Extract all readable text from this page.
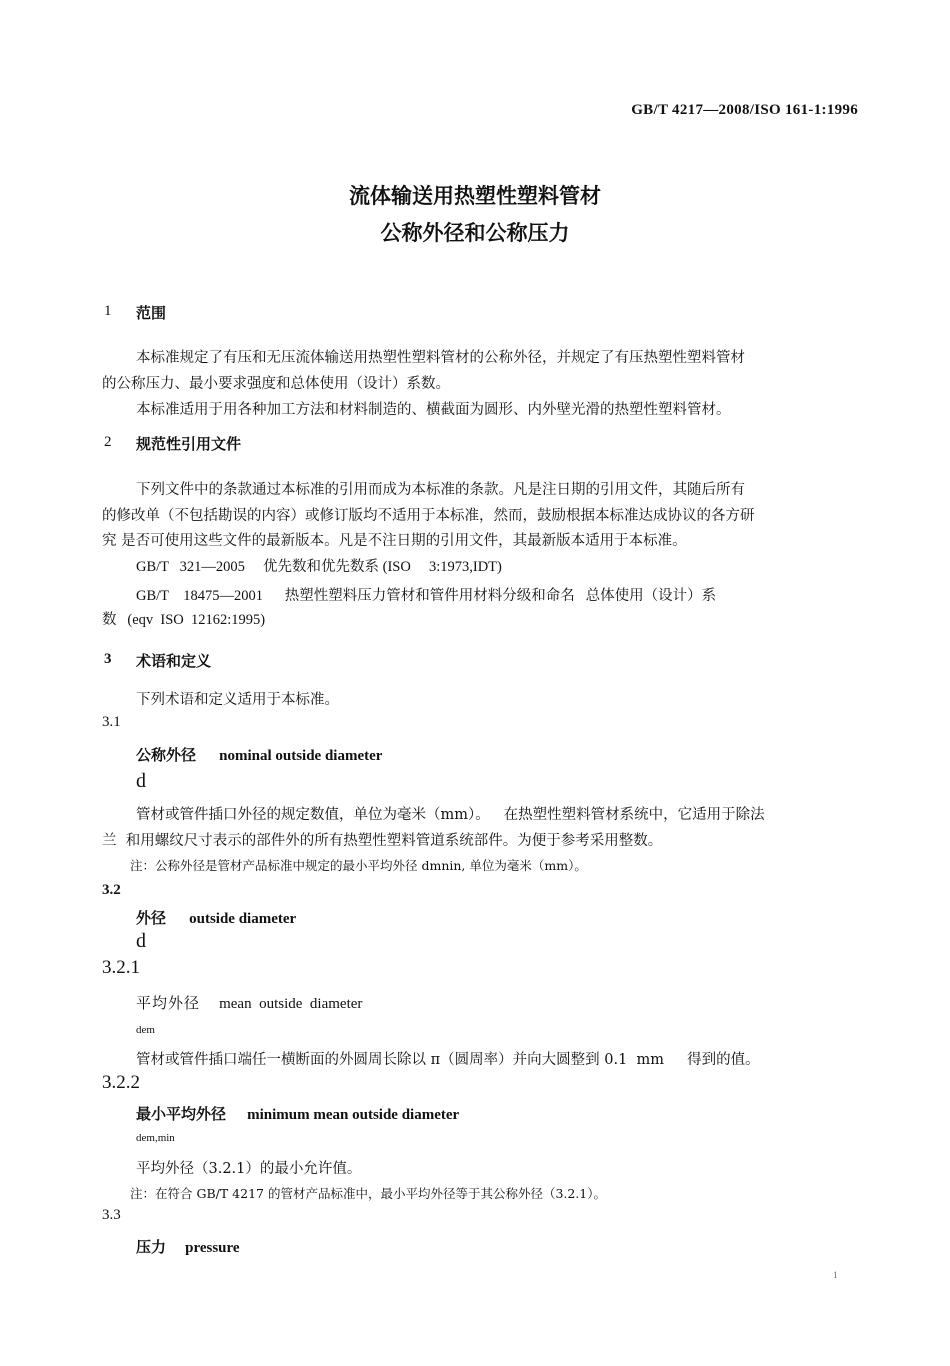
GB/T 4217—2008/ISO 161-1:1996
流体输送用热塑性塑料管材
公称外径和公称压力
1 范围
本标准规定了有压和无压流体输送用热塑性塑料管材的公称外径，并规定了有压热塑性塑料管材
的公称压力、最小要求强度和总体使用（设计）系数。
本标准适用于用各种加工方法和材料制造的、横截面为圆形、内外壁光滑的热塑性塑料管材。
2 规范性引用文件
下列文件中的条款通过本标准的引用而成为本标准的条款。凡是注日期的引用文件，其随后所有
的修改单（不包括勘误的内容）或修订版均不适用于本标准，然而，鼓励根据本标准达成协议的各方研
究 是否可使用这些文件的最新版本。凡是不注日期的引用文件，其最新版本适用于本标准。
GB/T   321—2005     优先数和优先数系 (ISO     3:1973,IDT)
GB/T    18475—2001      热塑性塑料压力管材和管件用材料分级和命名   总体使用（设计）系
数   (eqv  ISO  12162:1995)
3 术语和定义
下列术语和定义适用于本标准。
3.1
公称外径 nominal outside diameter
d
管材或管件插口外径的规定数值，单位为毫米（mm）。   在热塑性塑料管材系统中，它适用于除法
兰  和用螺纹尺寸表示的部件外的所有热塑性塑料管道系统部件。为便于参考采用整数。
注：公称外径是管材产品标准中规定的最小平均外径 dmnin, 单位为毫米（mm）。
3.2
外径 outside diameter
d
3.2.1
平均外径 mean  outside  diameter
dem
管材或管件插口端任一横断面的外圆周长除以 π（圆周率）并向大圆整到 0.1  mm     得到的值。
3.2.2
最小平均外径 minimum mean outside diameter
dem,min
平均外径（3.2.1）的最小允许值。
注：在符合 GB/T 4217 的管材产品标准中，最小平均外径等于其公称外径（3.2.1）。
3.3
压力 pressure
1
